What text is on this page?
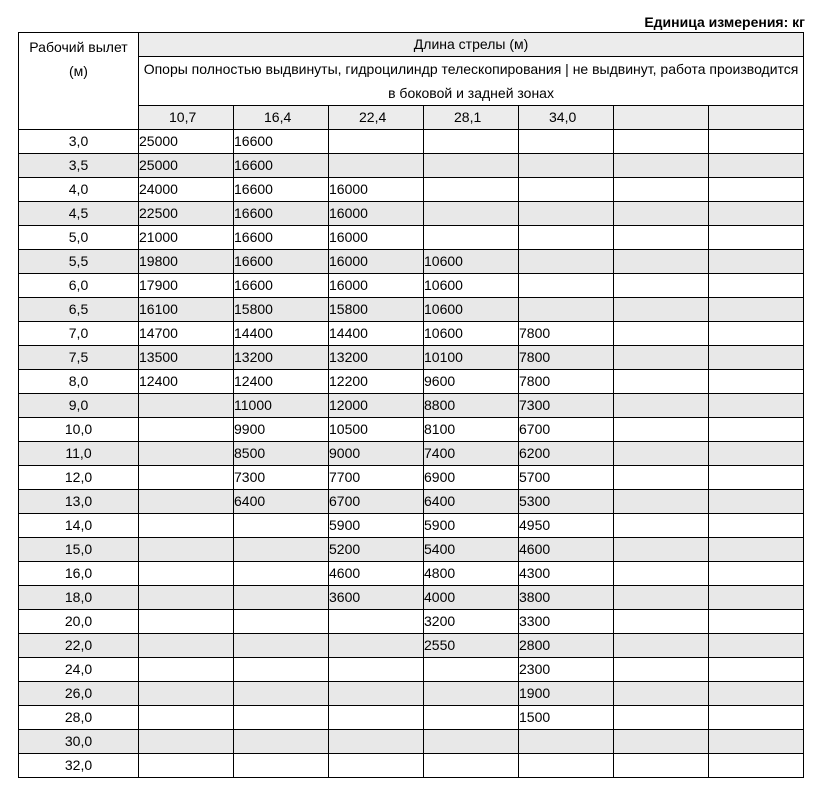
Единица измерения: кг
Рабочий вылет (м)	Длина стрелы (м)						
	Опоры полностью выдвинуты, гидроцилиндр телескопирования | не выдвинут, работа производится в боковой и задней зонах						
	10,7	16,4	22,4	28,1	34,0		
3,0	25000	16600					
3,5	25000	16600					
4,0	24000	16600	16000				
4,5	22500	16600	16000				
5,0	21000	16600	16000				
5,5	19800	16600	16000	10600			
6,0	17900	16600	16000	10600			
6,5	16100	15800	15800	10600			
7,0	14700	14400	14400	10600	7800		
7,5	13500	13200	13200	10100	7800		
8,0	12400	12400	12200	9600	7800		
9,0		11000	12000	8800	7300		
10,0		9900	10500	8100	6700		
11,0		8500	9000	7400	6200		
12,0		7300	7700	6900	5700		
13,0		6400	6700	6400	5300		
14,0			5900	5900	4950		
15,0			5200	5400	4600		
16,0			4600	4800	4300		
18,0			3600	4000	3800		
20,0				3200	3300		
22,0				2550	2800		
24,0					2300		
26,0					1900		
28,0					1500		
30,0							
32,0							
